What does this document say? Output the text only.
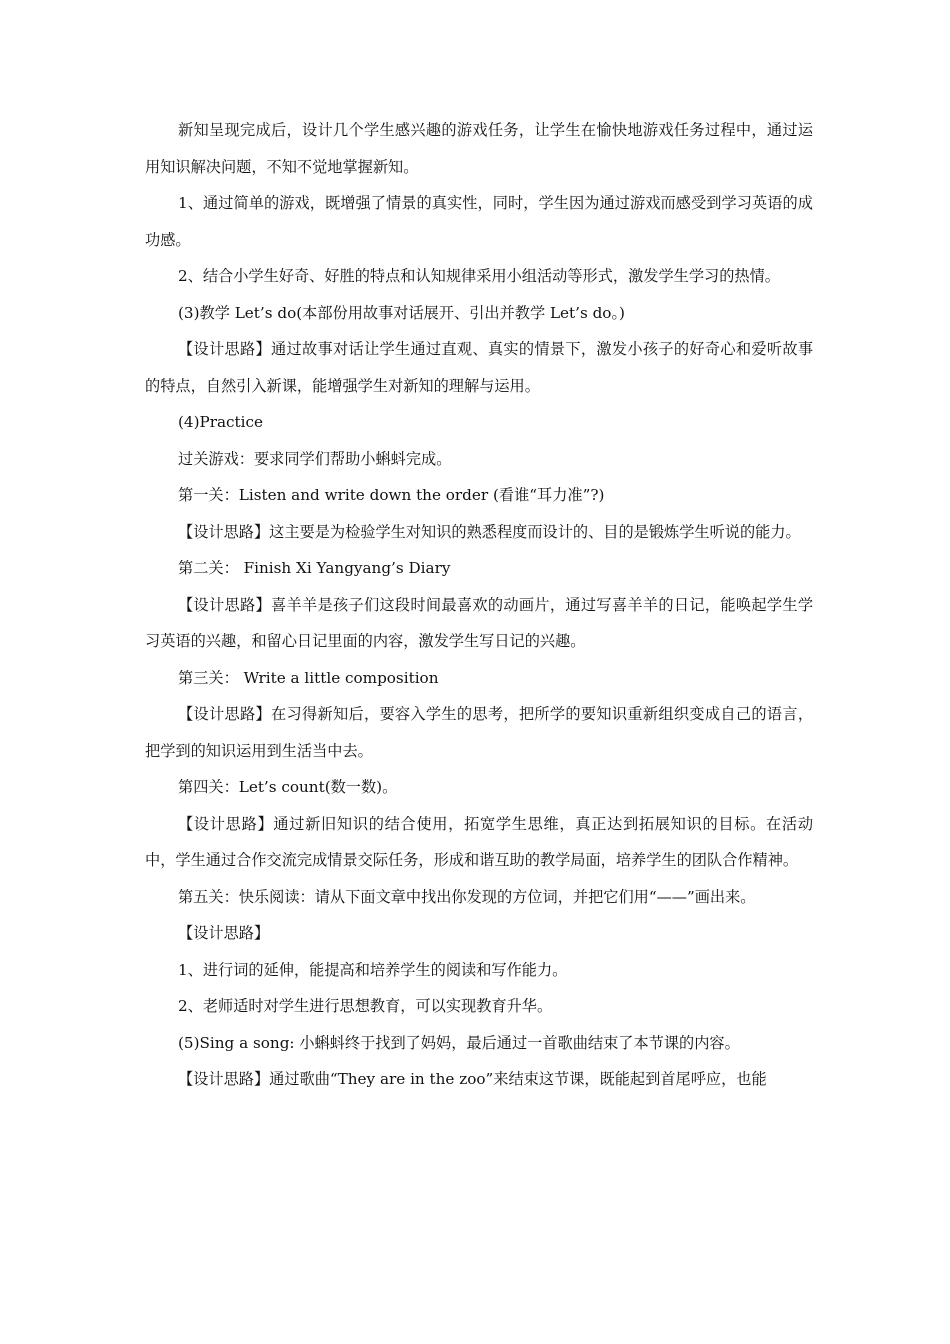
新知呈现完成后，设计几个学生感兴趣的游戏任务，让学生在愉快地游戏任务过程中，通过运用知识解决问题，不知不觉地掌握新知。

1、通过简单的游戏，既增强了情景的真实性，同时，学生因为通过游戏而感受到学习英语的成功感。

2、结合小学生好奇、好胜的特点和认知规律采用小组活动等形式，激发学生学习的热情。

(3)教学 Let’s do(本部份用故事对话展开、引出并教学 Let’s do。)

【设计思路】通过故事对话让学生通过直观、真实的情景下，激发小孩子的好奇心和爱听故事的特点，自然引入新课，能增强学生对新知的理解与运用。

(4)Practice

过关游戏：要求同学们帮助小蝌蚪完成。

第一关：Listen and write down the order (看谁“耳力准”?)

【设计思路】这主要是为检验学生对知识的熟悉程度而设计的、目的是锻炼学生听说的能力。

第二关： Finish Xi Yangyang’s Diary

【设计思路】喜羊羊是孩子们这段时间最喜欢的动画片，通过写喜羊羊的日记，能唤起学生学习英语的兴趣，和留心日记里面的内容，激发学生写日记的兴趣。

第三关： Write a little composition

【设计思路】在习得新知后，要容入学生的思考，把所学的要知识重新组织变成自己的语言，把学到的知识运用到生活当中去。

第四关：Let’s count(数一数)。

【设计思路】通过新旧知识的结合使用，拓宽学生思维，真正达到拓展知识的目标。在活动中，学生通过合作交流完成情景交际任务，形成和谐互助的教学局面，培养学生的团队合作精神。

第五关：快乐阅读：请从下面文章中找出你发现的方位词，并把它们用“——”画出来。

【设计思路】

1、进行词的延伸，能提高和培养学生的阅读和写作能力。

2、老师适时对学生进行思想教育，可以实现教育升华。

(5)Sing a song: 小蝌蚪终于找到了妈妈，最后通过一首歌曲结束了本节课的内容。

【设计思路】通过歌曲“They are in the zoo”来结束这节课，既能起到首尾呼应，也能
